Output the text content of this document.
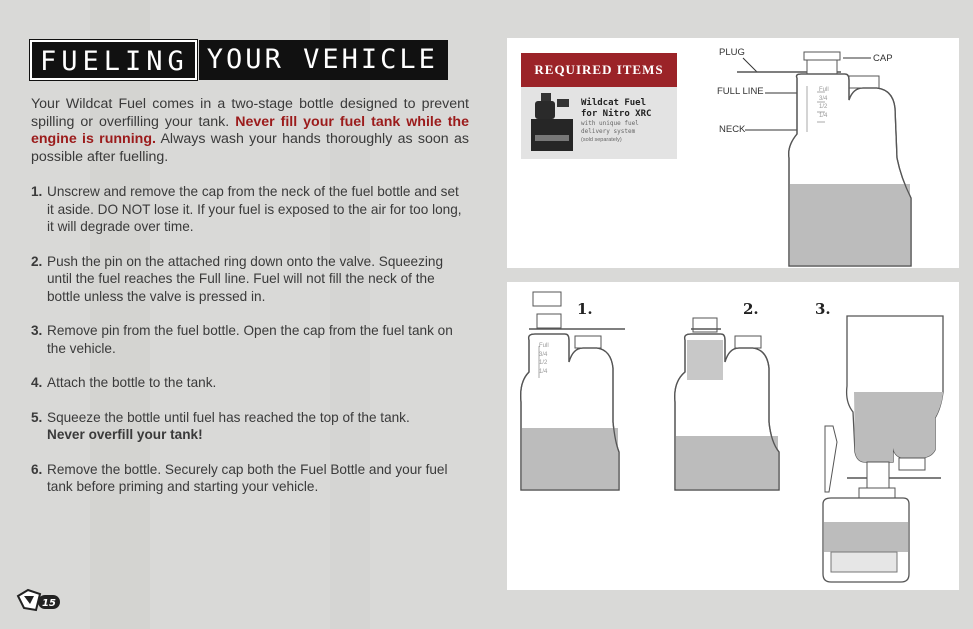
FUELING YOUR VEHICLE
Your Wildcat Fuel comes in a two-stage bottle designed to prevent spilling or overfilling your tank. Never fill your fuel tank while the engine is running. Always wash your hands thoroughly as soon as possible after fuelling.
1. Unscrew and remove the cap from the neck of the fuel bottle and set it aside. DO NOT lose it. If your fuel is exposed to the air for too long, it will degrade over time.
2. Push the pin on the attached ring down onto the valve. Squeezing until the fuel reaches the Full line. Fuel will not fill the neck of the bottle unless the valve is pressed in.
3. Remove pin from the fuel bottle. Open the cap from the fuel tank on the vehicle.
4. Attach the bottle to the tank.
5. Squeeze the bottle until fuel has reached the top of the tank.
Never overfill your tank!
6. Remove the bottle. Securely cap both the Fuel Bottle and your fuel tank before priming and starting your vehicle.
15
REQUIRED ITEMS
Wildcat Fuel
for Nitro XRC
with unique fuel
delivery system
(sold separately)
PLUG
CAP
FULL LINE
NECK
Full
3/4
1/2
1/4
1.	2.	3.
Full
3/4
1/2
1/4
